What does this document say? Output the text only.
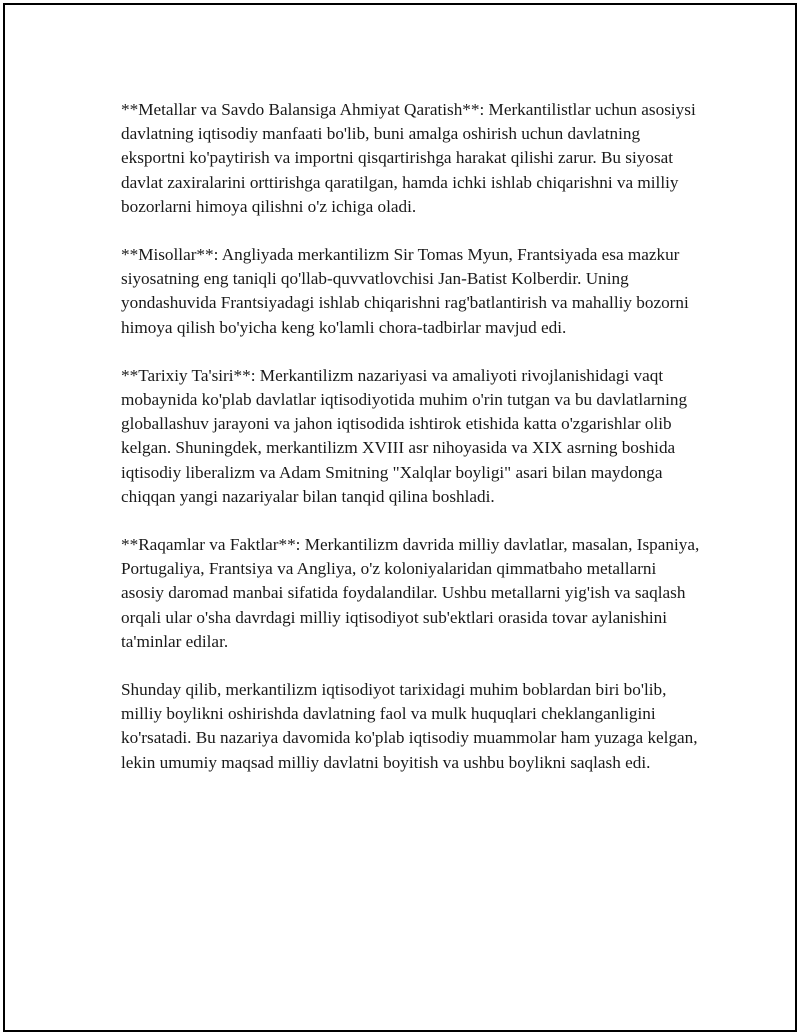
**Metallar va Savdo Balansiga Ahmiyat Qaratish**: Merkantilistlar uchun asosiysi davlatning iqtisodiy manfaati bo'lib, buni amalga oshirish uchun davlatning eksportni ko'paytirish va importni qisqartirishga harakat qilishi zarur. Bu siyosat davlat zaxiralarini orttirishga qaratilgan, hamda ichki ishlab chiqarishni va milliy bozorlarni himoya qilishni o'z ichiga oladi.

**Misollar**: Angliyada merkantilizm Sir Tomas Myun, Frantsiyada esa mazkur siyosatning eng taniqli qo'llab-quvvatlovchisi Jan-Batist Kolberdir. Uning yondashuvida Frantsiyadagi ishlab chiqarishni rag'batlantirish va mahalliy bozorni himoya qilish bo'yicha keng ko'lamli chora-tadbirlar mavjud edi.

**Tarixiy Ta'siri**: Merkantilizm nazariyasi va amaliyoti rivojlanishidagi vaqt mobaynida ko'plab davlatlar iqtisodiyotida muhim o'rin tutgan va bu davlatlarning globallashuv jarayoni va jahon iqtisodida ishtirok etishida katta o'zgarishlar olib kelgan. Shuningdek, merkantilizm XVIII asr nihoyasida va XIX asrning boshida iqtisodiy liberalizm va Adam Smitning "Xalqlar boyligi" asari bilan maydonga chiqqan yangi nazariyalar bilan tanqid qilina boshladi.

**Raqamlar va Faktlar**: Merkantilizm davrida milliy davlatlar, masalan, Ispaniya, Portugaliya, Frantsiya va Angliya, o'z koloniyalaridan qimmatbaho metallarni asosiy daromad manbai sifatida foydalandilar. Ushbu metallarni yig'ish va saqlash orqali ular o'sha davrdagi milliy iqtisodiyot sub'ektlari orasida tovar aylanishini ta'minlar edilar.

Shunday qilib, merkantilizm iqtisodiyot tarixidagi muhim boblardan biri bo'lib, milliy boylikni oshirishda davlatning faol va mulk huquqlari cheklanganligini ko'rsatadi. Bu nazariya davomida ko'plab iqtisodiy muammolar ham yuzaga kelgan, lekin umumiy maqsad milliy davlatni boyitish va ushbu boylikni saqlash edi.
